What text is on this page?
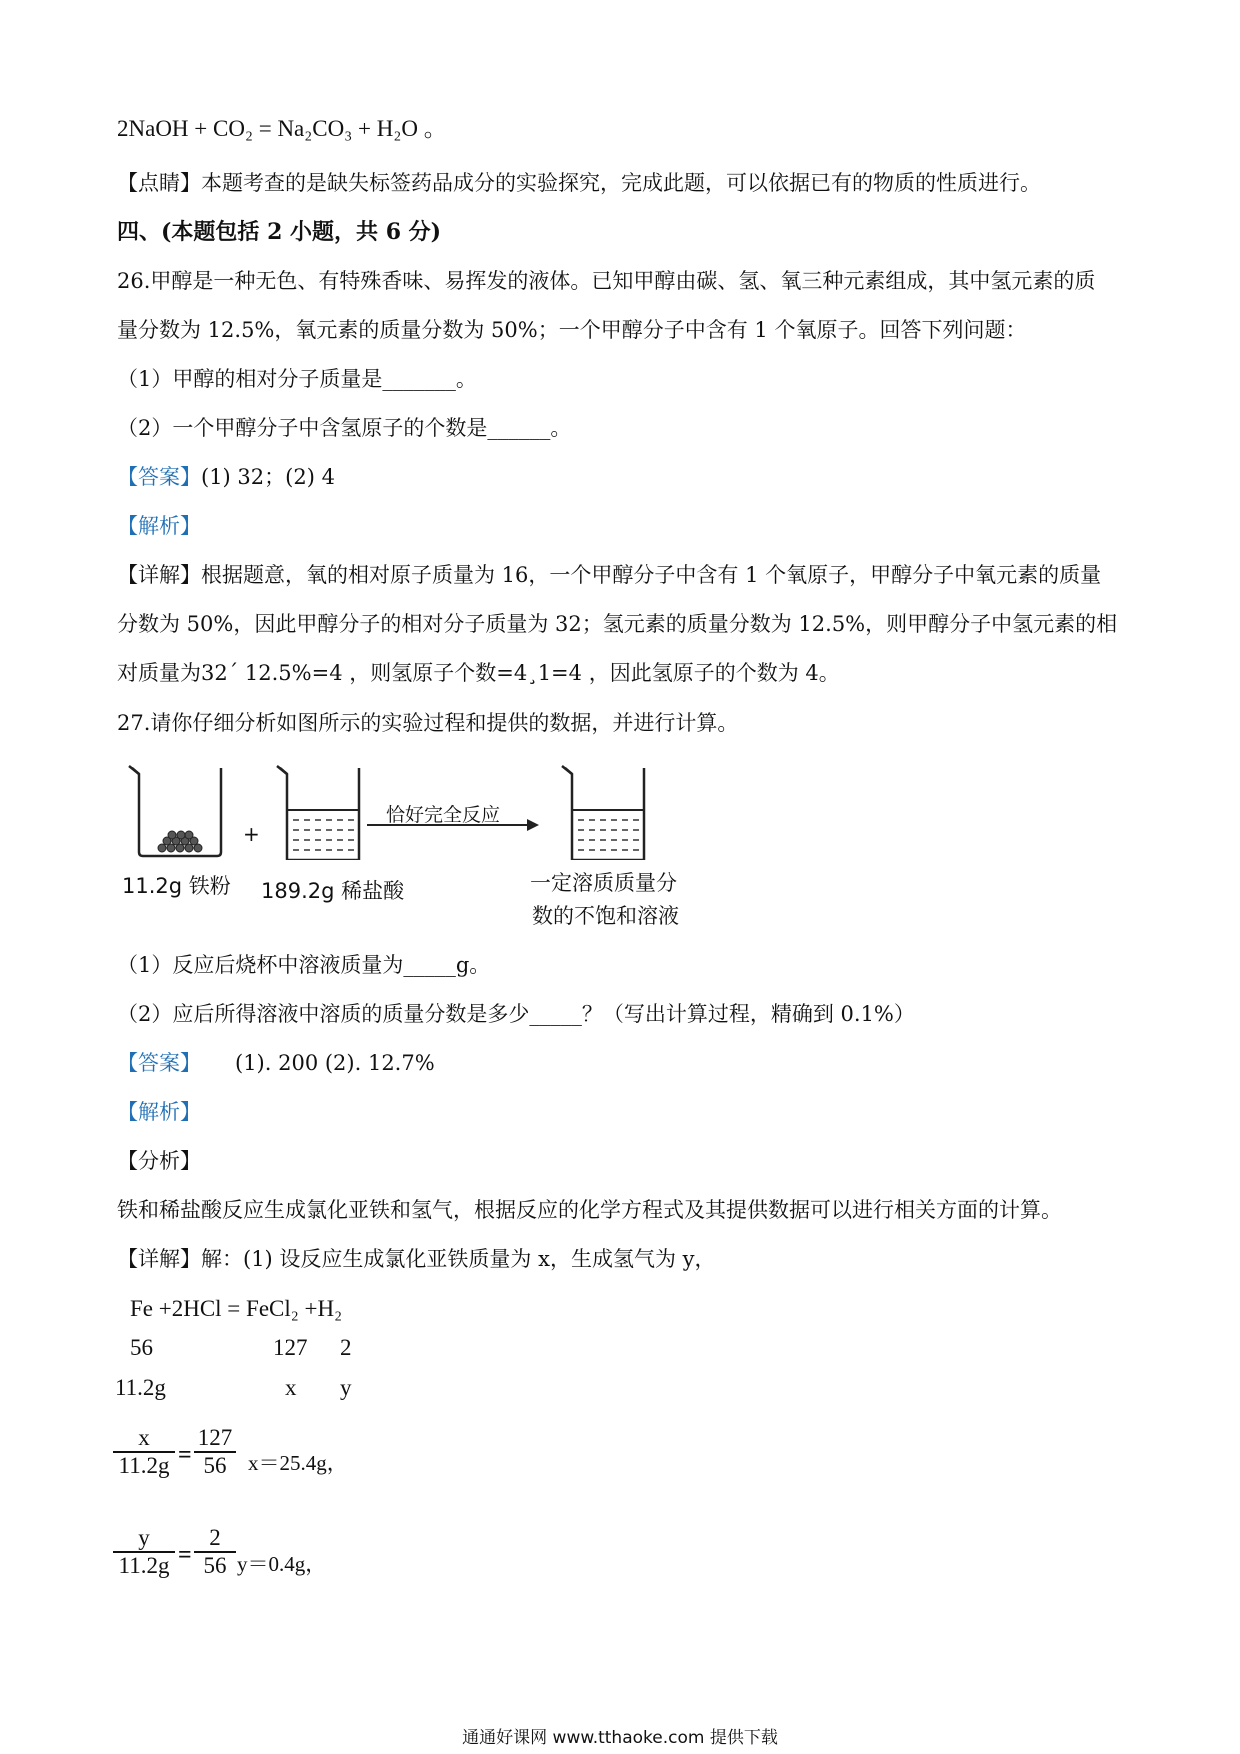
2NaOH + CO₂ = Na₂CO₃ + H₂O 。
【点睛】本题考查的是缺失标签药品成分的实验探究，完成此题，可以依据已有的物质的性质进行。
四、(本题包括 2 小题，共 6 分)
26.甲醇是一种无色、有特殊香味、易挥发的液体。已知甲醇由碳、氢、氧三种元素组成，其中氢元素的质
量分数为 12.5%，氧元素的质量分数为 50%；一个甲醇分子中含有 1 个氧原子。回答下列问题：
（1）甲醇的相对分子质量是_______。
（2）一个甲醇分子中含氢原子的个数是______。
【答案】(1) 32；(2) 4
【解析】
【详解】根据题意，氧的相对原子质量为 16，一个甲醇分子中含有 1 个氧原子，甲醇分子中氧元素的质量
分数为 50%，因此甲醇分子的相对分子质量为 32；氢元素的质量分数为 12.5%，则甲醇分子中氢元素的相
对质量为32´ 12.5%=4 ，则氢原子个数=4¸1=4 ，因此氢原子的个数为 4。
27.请你仔细分析如图所示的实验过程和提供的数据，并进行计算。
+
恰好完全反应
11.2g 铁粉 189.2g 稀盐酸	一定溶质质量分
数的不饱和溶液
（1）反应后烧杯中溶液质量为_____g。
（2）应后所得溶液中溶质的质量分数是多少_____？（写出计算过程，精确到 0.1%）
【答案】 (1). 200 (2). 12.7%
【解析】
【分析】
铁和稀盐酸反应生成氯化亚铁和氢气，根据反应的化学方程式及其提供数据可以进行相关方面的计算。
【详解】解：(1) 设反应生成氯化亚铁质量为 x，生成氢气为 y，
Fe +2HCl = FeCl₂ +H₂
56	127 2
11.2g	x y
$\frac{x}{11.2g} = \frac{127}{56} x=25.4g$，
$\frac{y}{11.2g} = \frac{2}{56} y=0.4g$，
通通好课网 www.tthaoke.com 提供下载
